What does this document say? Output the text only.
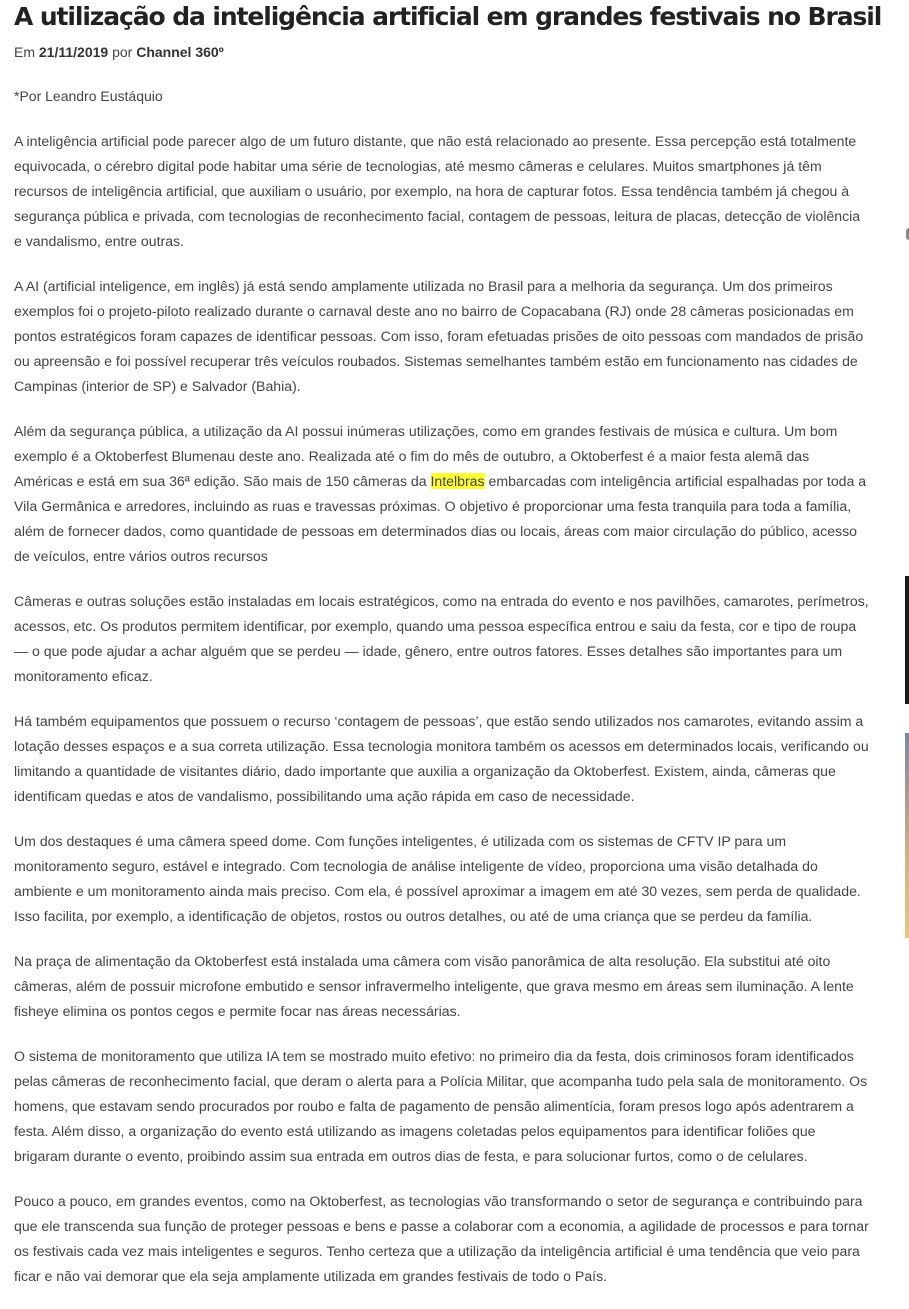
A utilização da inteligência artificial em grandes festivais no Brasil
Em 21/11/2019 por Channel 360º
*Por Leandro Eustáquio

A inteligência artificial pode parecer algo de um futuro distante, que não está relacionado ao presente. Essa percepção está totalmente equivocada, o cérebro digital pode habitar uma série de tecnologias, até mesmo câmeras e celulares. Muitos smartphones já têm recursos de inteligência artificial, que auxiliam o usuário, por exemplo, na hora de capturar fotos. Essa tendência também já chegou à segurança pública e privada, com tecnologias de reconhecimento facial, contagem de pessoas, leitura de placas, detecção de violência e vandalismo, entre outras.

A AI (artificial inteligence, em inglês) já está sendo amplamente utilizada no Brasil para a melhoria da segurança. Um dos primeiros exemplos foi o projeto-piloto realizado durante o carnaval deste ano no bairro de Copacabana (RJ) onde 28 câmeras posicionadas em pontos estratégicos foram capazes de identificar pessoas. Com isso, foram efetuadas prisões de oito pessoas com mandados de prisão ou apreensão e foi possível recuperar três veículos roubados. Sistemas semelhantes também estão em funcionamento nas cidades de Campinas (interior de SP) e Salvador (Bahia).

Além da segurança pública, a utilização da AI possui inúmeras utilizações, como em grandes festivais de música e cultura. Um bom exemplo é a Oktoberfest Blumenau deste ano. Realizada até o fim do mês de outubro, a Oktoberfest é a maior festa alemã das Américas e está em sua 36ª edição. São mais de 150 câmeras da Intelbras embarcadas com inteligência artificial espalhadas por toda a Vila Germânica e arredores, incluindo as ruas e travessas próximas. O objetivo é proporcionar uma festa tranquila para toda a família, além de fornecer dados, como quantidade de pessoas em determinados dias ou locais, áreas com maior circulação do público, acesso de veículos, entre vários outros recursos

Câmeras e outras soluções estão instaladas em locais estratégicos, como na entrada do evento e nos pavilhões, camarotes, perímetros, acessos, etc. Os produtos permitem identificar, por exemplo, quando uma pessoa específica entrou e saiu da festa, cor e tipo de roupa — o que pode ajudar a achar alguém que se perdeu — idade, gênero, entre outros fatores. Esses detalhes são importantes para um monitoramento eficaz.

Há também equipamentos que possuem o recurso ‘contagem de pessoas’, que estão sendo utilizados nos camarotes, evitando assim a lotação desses espaços e a sua correta utilização. Essa tecnologia monitora também os acessos em determinados locais, verificando ou limitando a quantidade de visitantes diário, dado importante que auxilia a organização da Oktoberfest. Existem, ainda, câmeras que identificam quedas e atos de vandalismo, possibilitando uma ação rápida em caso de necessidade.

Um dos destaques é uma câmera speed dome. Com funções inteligentes, é utilizada com os sistemas de CFTV IP para um monitoramento seguro, estável e integrado. Com tecnologia de análise inteligente de vídeo, proporciona uma visão detalhada do ambiente e um monitoramento ainda mais preciso. Com ela, é possível aproximar a imagem em até 30 vezes, sem perda de qualidade. Isso facilita, por exemplo, a identificação de objetos, rostos ou outros detalhes, ou até de uma criança que se perdeu da família.

Na praça de alimentação da Oktoberfest está instalada uma câmera com visão panorâmica de alta resolução. Ela substitui até oito câmeras, além de possuir microfone embutido e sensor infravermelho inteligente, que grava mesmo em áreas sem iluminação. A lente fisheye elimina os pontos cegos e permite focar nas áreas necessárias.

O sistema de monitoramento que utiliza IA tem se mostrado muito efetivo: no primeiro dia da festa, dois criminosos foram identificados pelas câmeras de reconhecimento facial, que deram o alerta para a Polícia Militar, que acompanha tudo pela sala de monitoramento. Os homens, que estavam sendo procurados por roubo e falta de pagamento de pensão alimentícia, foram presos logo após adentrarem a festa. Além disso, a organização do evento está utilizando as imagens coletadas pelos equipamentos para identificar foliões que brigaram durante o evento, proibindo assim sua entrada em outros dias de festa, e para solucionar furtos, como o de celulares.

Pouco a pouco, em grandes eventos, como na Oktoberfest, as tecnologias vão transformando o setor de segurança e contribuindo para que ele transcenda sua função de proteger pessoas e bens e passe a colaborar com a economia, a agilidade de processos e para tornar os festivais cada vez mais inteligentes e seguros. Tenho certeza que a utilização da inteligência artificial é uma tendência que veio para ficar e não vai demorar que ela seja amplamente utilizada em grandes festivais de todo o País.
